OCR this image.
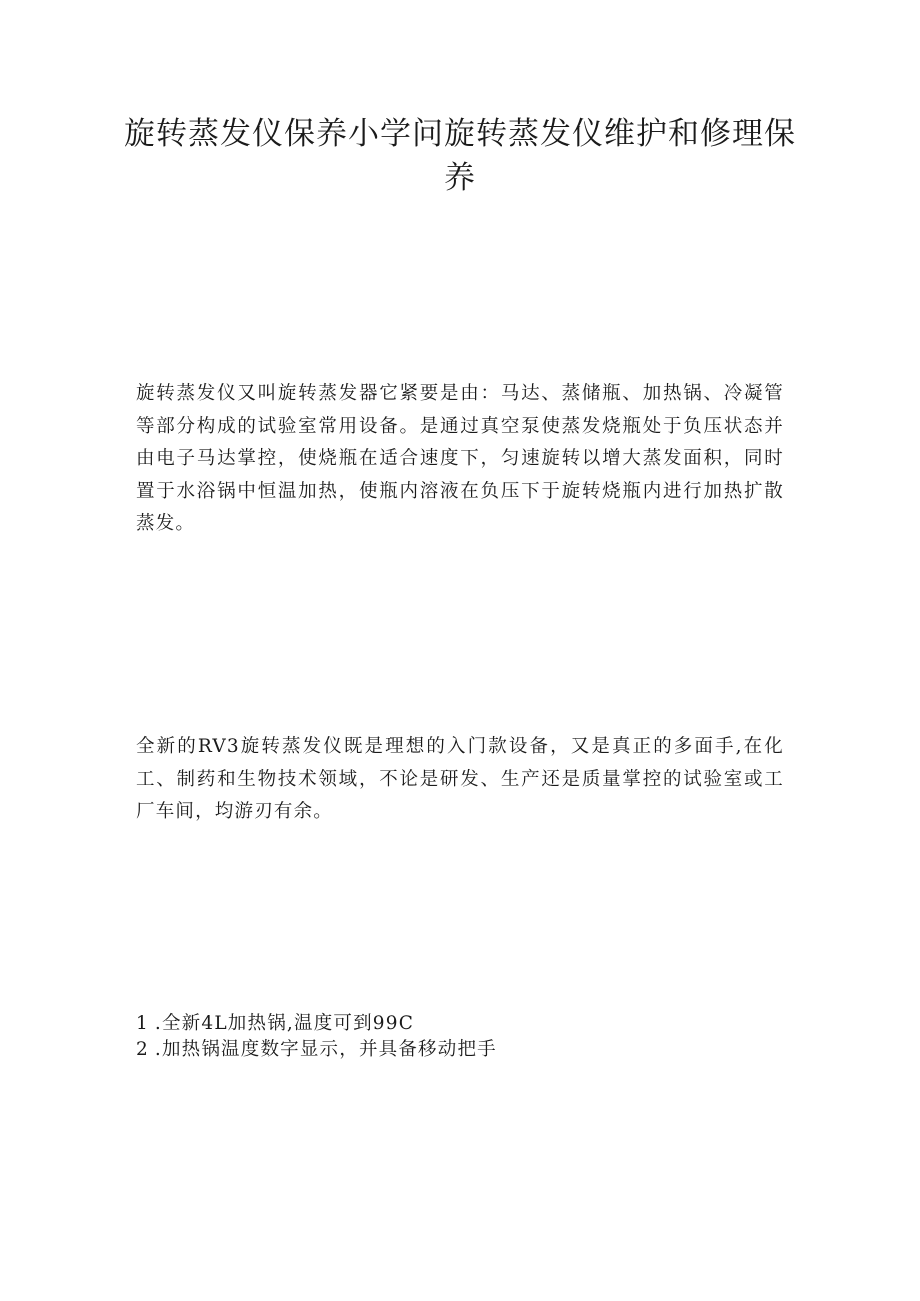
旋转蒸发仪保养小学问旋转蒸发仪维护和修理保养

旋转蒸发仪又叫旋转蒸发器它紧要是由：马达、蒸储瓶、加热锅、冷凝管等部分构成的试验室常用设备。是通过真空泵使蒸发烧瓶处于负压状态并由电子马达掌控，使烧瓶在适合速度下，匀速旋转以增大蒸发面积，同时置于水浴锅中恒温加热，使瓶内溶液在负压下于旋转烧瓶内进行加热扩散蒸发。

全新的RV3旋转蒸发仪既是理想的入门款设备，又是真正的多面手,在化工、制药和生物技术领域，不论是研发、生产还是质量掌控的试验室或工厂车间，均游刃有余。

1 .全新4L加热锅,温度可到99C
2 .加热锅温度数字显示，并具备移动把手
